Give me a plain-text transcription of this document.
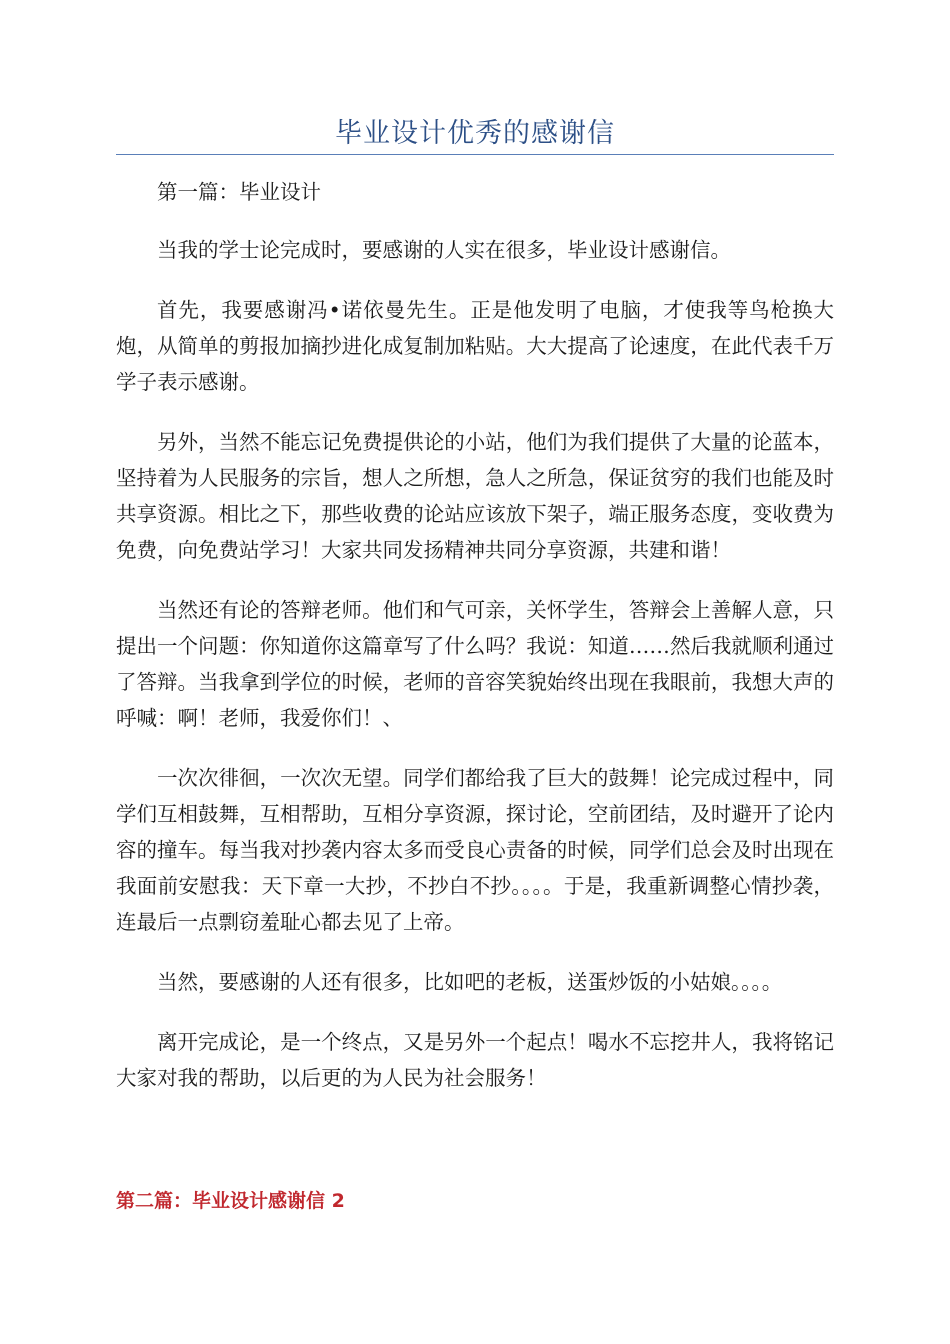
毕业设计优秀的感谢信

第一篇：毕业设计

当我的学士论完成时，要感谢的人实在很多，毕业设计感谢信。

首先，我要感谢冯•诺依曼先生。正是他发明了电脑，才使我等鸟枪换大炮，从简单的剪报加摘抄进化成复制加粘贴。大大提高了论速度，在此代表千万学子表示感谢。

另外，当然不能忘记免费提供论的小站，他们为我们提供了大量的论蓝本，坚持着为人民服务的宗旨，想人之所想，急人之所急，保证贫穷的我们也能及时共享资源。相比之下，那些收费的论站应该放下架子，端正服务态度，变收费为免费，向免费站学习！大家共同发扬精神共同分享资源，共建和谐！

当然还有论的答辩老师。他们和气可亲，关怀学生，答辩会上善解人意，只提出一个问题：你知道你这篇章写了什么吗？我说：知道……然后我就顺利通过了答辩。当我拿到学位的时候，老师的音容笑貌始终出现在我眼前，我想大声的呼喊：啊！老师，我爱你们！、

一次次徘徊，一次次无望。同学们都给我了巨大的鼓舞！论完成过程中，同学们互相鼓舞，互相帮助，互相分享资源，探讨论，空前团结，及时避开了论内容的撞车。每当我对抄袭内容太多而受良心责备的时候，同学们总会及时出现在我面前安慰我：天下章一大抄，不抄白不抄。。。。于是，我重新调整心情抄袭，连最后一点剽窃羞耻心都去见了上帝。

当然，要感谢的人还有很多，比如吧的老板，送蛋炒饭的小姑娘。。。。

离开完成论，是一个终点，又是另外一个起点！喝水不忘挖井人，我将铭记大家对我的帮助，以后更的为人民为社会服务！

第二篇：毕业设计感谢信 2
